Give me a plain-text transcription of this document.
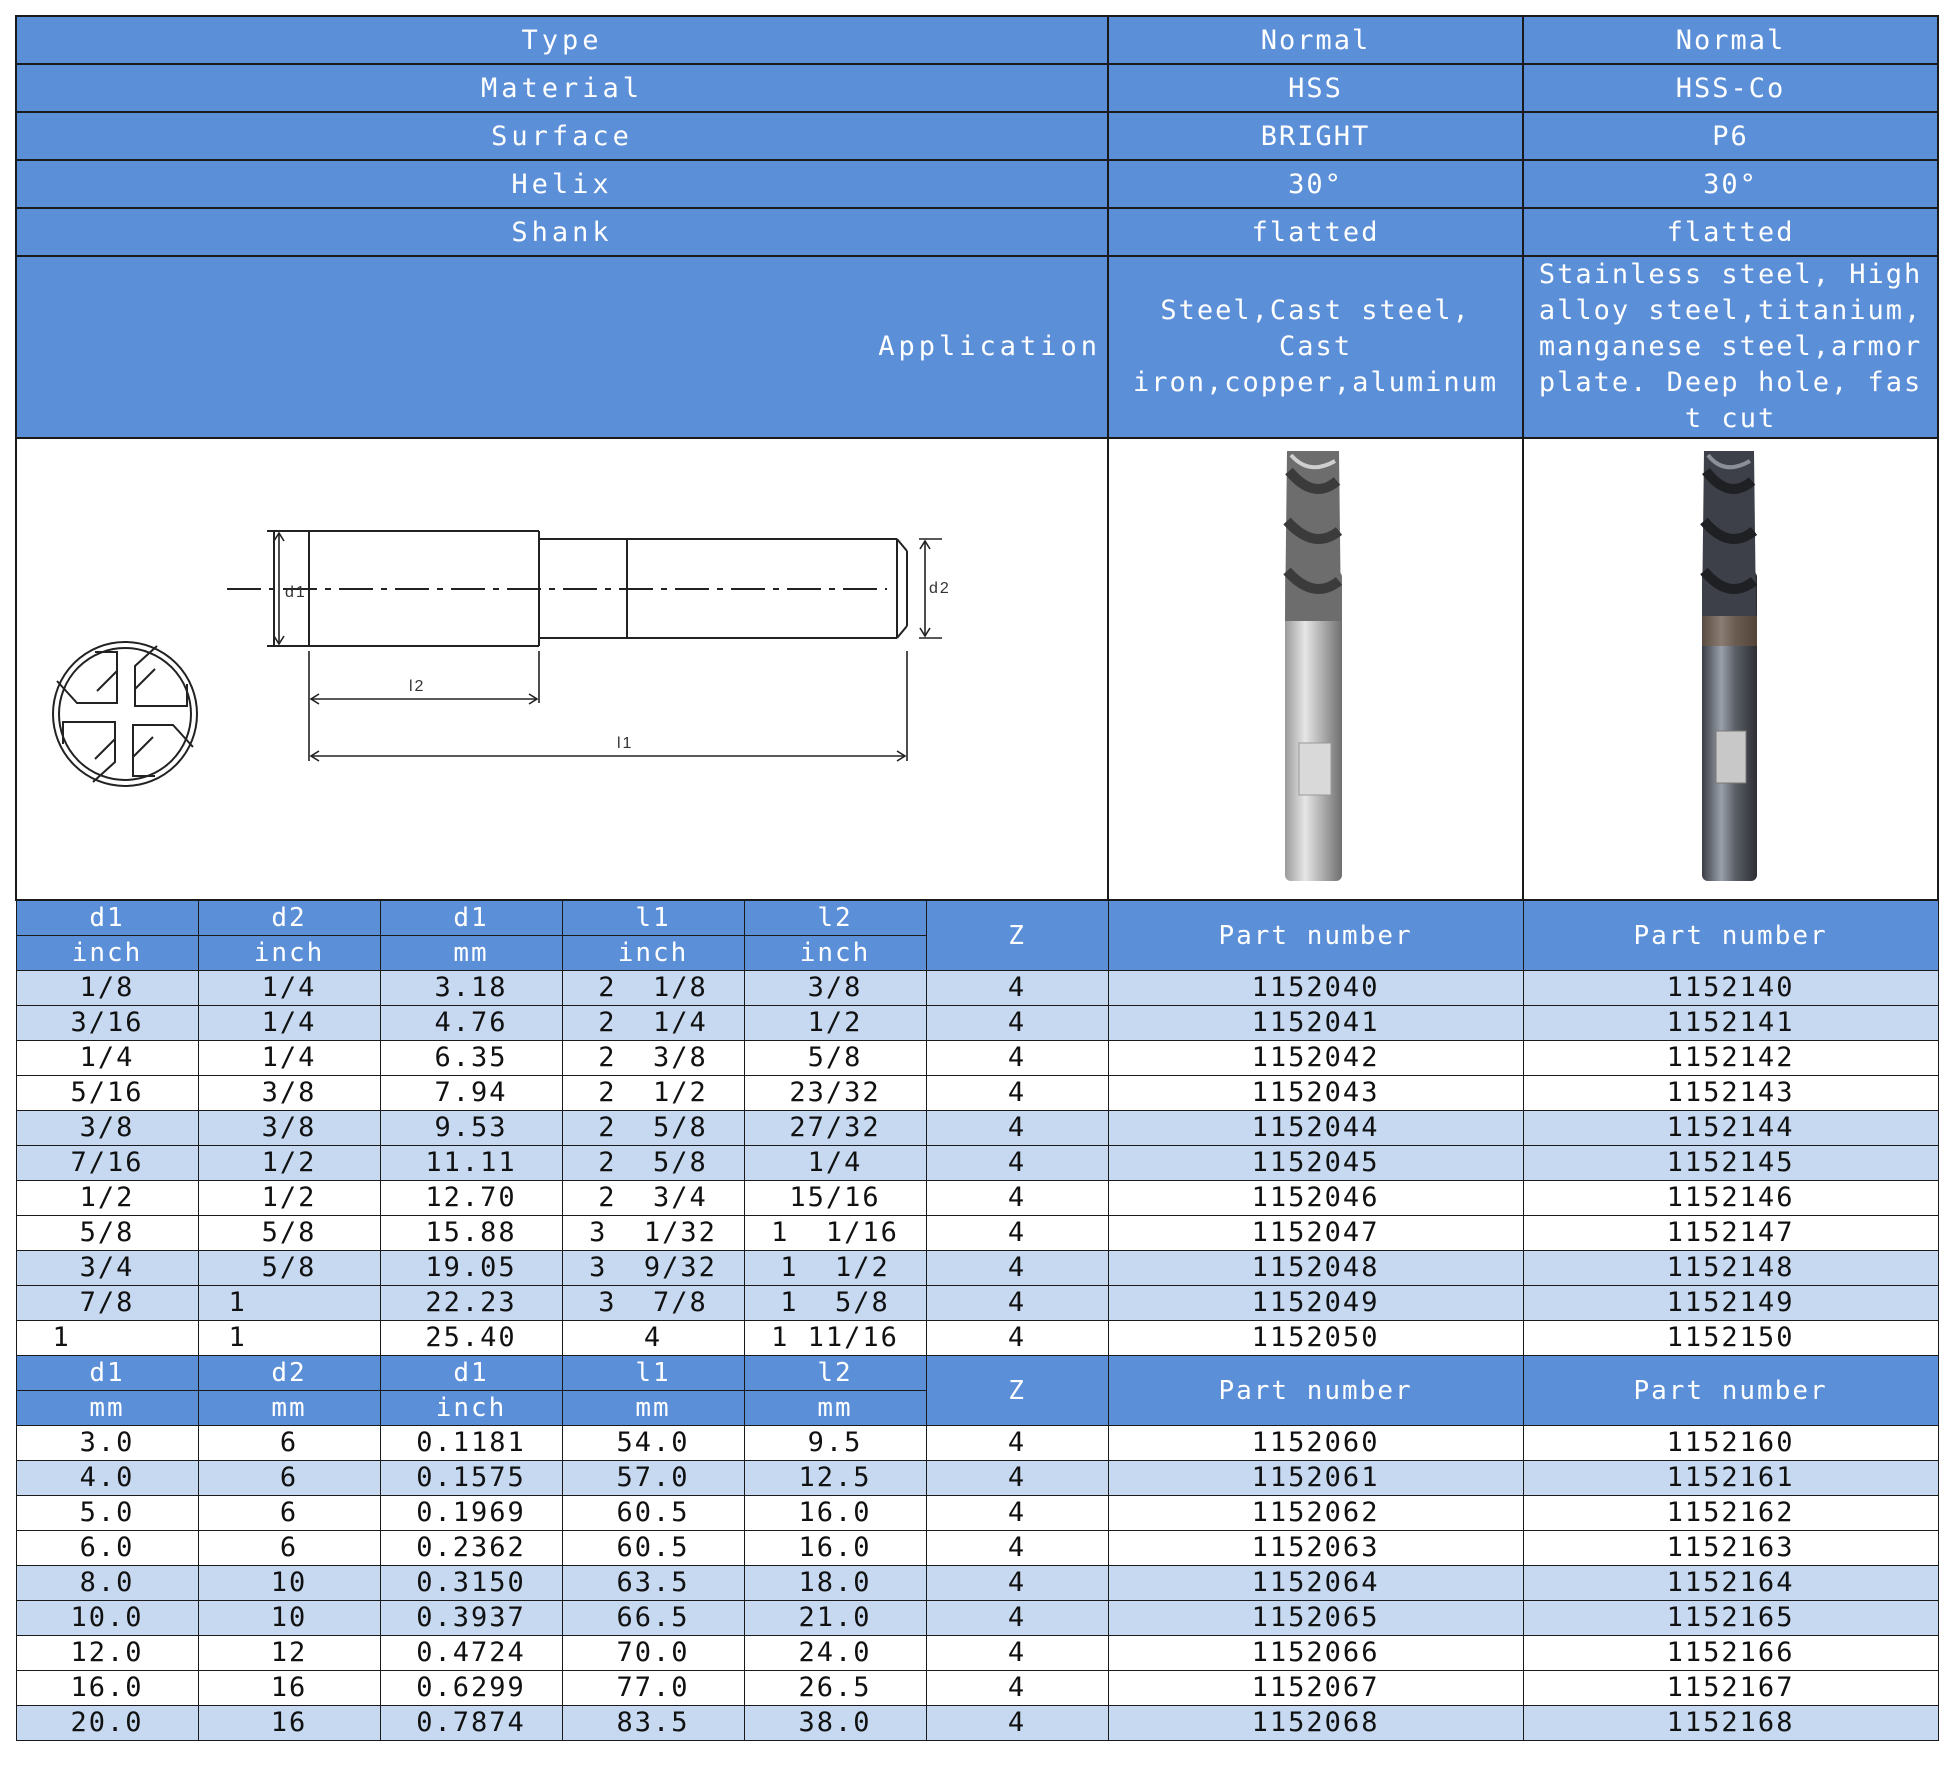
Type						Normal	Normal
Material						HSS	HSS-Co
Surface						BRIGHT	P6
Helix						30°	30°
Shank						flatted	flatted
Application						Steel,Cast steel, Cast iron,copper,aluminum	Stainless steel, High alloy steel,titanium,manganese steel,armor plate. Deep hole, fast cut

d1 d2
l2
l1

d1	d2	d1	l1	l2	Z	Part number	Part number
inch	inch	mm	inch	inch			
1/8	1/4	3.18	2  1/8	3/8	4	1152040	1152140
3/16	1/4	4.76	2  1/4	1/2	4	1152041	1152141
1/4	1/4	6.35	2  3/8	5/8	4	1152042	1152142
5/16	3/8	7.94	2  1/2	23/32	4	1152043	1152143
3/8	3/8	9.53	2  5/8	27/32	4	1152044	1152144
7/16	1/2	11.11	2  5/8	1/4	4	1152045	1152145
1/2	1/2	12.70	2  3/4	15/16	4	1152046	1152146
5/8	5/8	15.88	3  1/32	1  1/16	4	1152047	1152147
3/4	5/8	19.05	3  9/32	1  1/2	4	1152048	1152148
7/8	1	22.23	3  7/8	1  5/8	4	1152049	1152149
1	1	25.40	4	1 11/16	4	1152050	1152150
d1	d2	d1	l1	l2	Z	Part number	Part number
mm	mm	inch	mm	mm			
3.0	6	0.1181	54.0	9.5	4	1152060	1152160
4.0	6	0.1575	57.0	12.5	4	1152061	1152161
5.0	6	0.1969	60.5	16.0	4	1152062	1152162
6.0	6	0.2362	60.5	16.0	4	1152063	1152163
8.0	10	0.3150	63.5	18.0	4	1152064	1152164
10.0	10	0.3937	66.5	21.0	4	1152065	1152165
12.0	12	0.4724	70.0	24.0	4	1152066	1152166
16.0	16	0.6299	77.0	26.5	4	1152067	1152167
20.0	16	0.7874	83.5	38.0	4	1152068	1152168
